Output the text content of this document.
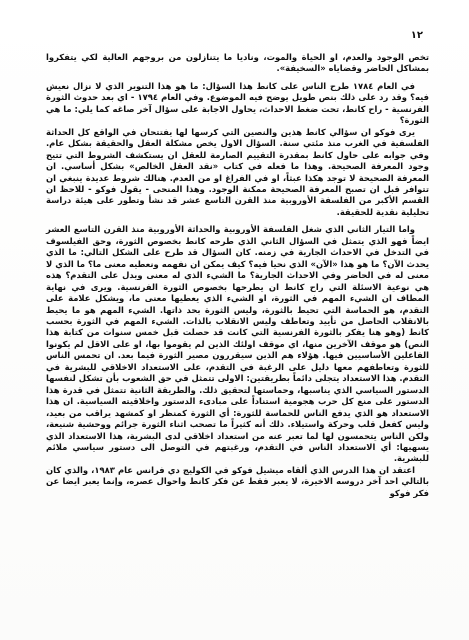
١٢

تخص الوجود والعدم، او الحياة والموت، وناديا ما يتنازلون من بروجهم العالية لكي يتفكروا بمشاكل الحاضر وقضاياه «السخيفة».

في العام ١٧٨٤ طرح الناس على كانط هذا السؤال: ما هو هذا التنوير الذي لا نزال نعيش فيه؟ وقد رد على ذلك بنص طويل يوضح فيه الموضوع. وفي العام ١٧٩٤ - اي بعد حدوث الثورة الفرنسية - راح كانط، تحت ضغط الاحداث، يحاول الاجابة على سؤال آخر صاغه كما يلي: ما هي الثورة؟

يرى فوكو ان سؤالي كانط هذين والنصين التي كرسها لها يفتتحان في الواقع كل الحداثة الفلسفية في الغرب منذ مئتي سنة. السؤال الاول يخص مشكلة العقل والحقيقة بشكل عام. وفي جوابه على حاول كانط بمقدرة التقييم الصارمة للعقل ان يستكشف الشروط التي تتيح وجود المعرفة الصحيحة. وهذا ما فعله في كتاب «نقد العقل الخالص» بشكل أساسي. ان المعرفة الصحيحة لا توجد هكذا عبثاً، او في الفراغ او من العدم. هنالك شروط عديدة ينبغي ان تتوافر قبل ان تصبح المعرفة الصحيحة ممكنة الوجود. وهذا المنحى - يقول فوكو - للاحظ ان القسم الأكبر من الفلسفة الأوروبية منذ القرن التاسع عشر قد نشأ وتطور على هيئة دراسة تحليلية نقدية للحقيقة.

واما التيار الثاني الذي شغل الفلسفة الأوروبية والحداثة الأوروبية منذ القرن التاسع العشر ايضاً فهو الذي يتمثل في السؤال الثاني الذي طرحه كانط بخصوص الثورة، وحق الفيلسوف في التدخل في الاحداث الجارية في زمنه. كان السؤال قد طرح على الشكل التالي: ما الذي يحدث الآن؟ ما هو هذا «الآن» الذي نحيا فيه؟ كيف يمكن ان نفهمه ونعطيه معنى ما؟ ما الذي لا معنى له في الحاضر وفي الاحداث الجارية؟ ما الشيء الذي له معنى ويدل على التقدم؟ هذه هي نوعية الاسئلة التي راح كانط ان يطرحها بخصوص الثورة الفرنسية. ويرى في نهاية المطاف ان الشيء المهم في الثورة، او الشيء الذي يعطيها معنى ما، ويشكل علامة على التقدم، هو الحماسة التي تحيط بالثورة، وليس الثورة بحد ذاتها. الشيء المهم هو ما يحيط بالانقلاب الحاصل من تأييد وتعاطف وليس الانقلاب بالذات. الشيء المهم في الثورة بحسب كانط (وهو هنا يفكر بالثورة الفرنسية التي كانت قد حصلت قبل خمس سنوات من كتابة هذا النص) هو موقف الآخرين منها، اي موقف اولئك الذين لم يقوموا بها، او على الاقل لم يكونوا الفاعلين الأساسيين فيها. هؤلاء هم الذين سيقررون مصير الثورة فيما بعد. ان تحمس الناس للثورة وتعاطفهم معها دليل على الرغبة في التقدم، على الاستعداد الاخلاقي للبشرية في التقدم. هذا الاستعداد يتجلى دائماً بطريقتين: الاولى تتمثل في حق الشعوب بأن تشكل لنفسها الدستور السياسي الذي يناسبها، وحماستها لتحقيق ذلك. والطريقة الثانية تتمثل في قدرة هذا الدستور على منع كل حرب هجومية استناداً على مبادىء الدستور واخلاقيته السياسية. ان هذا الاستعداد هو الذي يدفع الناس للحماسة للثورة: أي الثورة كمنظر او كمشهد يراقب من بعيد، وليس كفعل قلب وحركة واستيلاء. ذلك أنه كثيراً ما تصحب اثناء الثورة جرائم ووحشية شنيعة، ولكن الناس يتحمسون لها لما تعبر عنه من استعداد اخلاقي لدى البشرية، هذا الاستعداد الذي يسهيها: أي الاستعداد الناس في التقدم، ورغبتهم في التوصل الى دستور سياسي ملائم للبشرية.

اعتقد ان هذا الدرس الذي ألقاه ميشيل فوكو في الكوليج دي فرانس عام ١٩٨٣، والذي كان بالتالي احد آخر دروسه الاخيرة، لا يعبر فقط عن فكر كانط واحوال عصره، وإنما يعبر ايضا عن فكر فوكو
